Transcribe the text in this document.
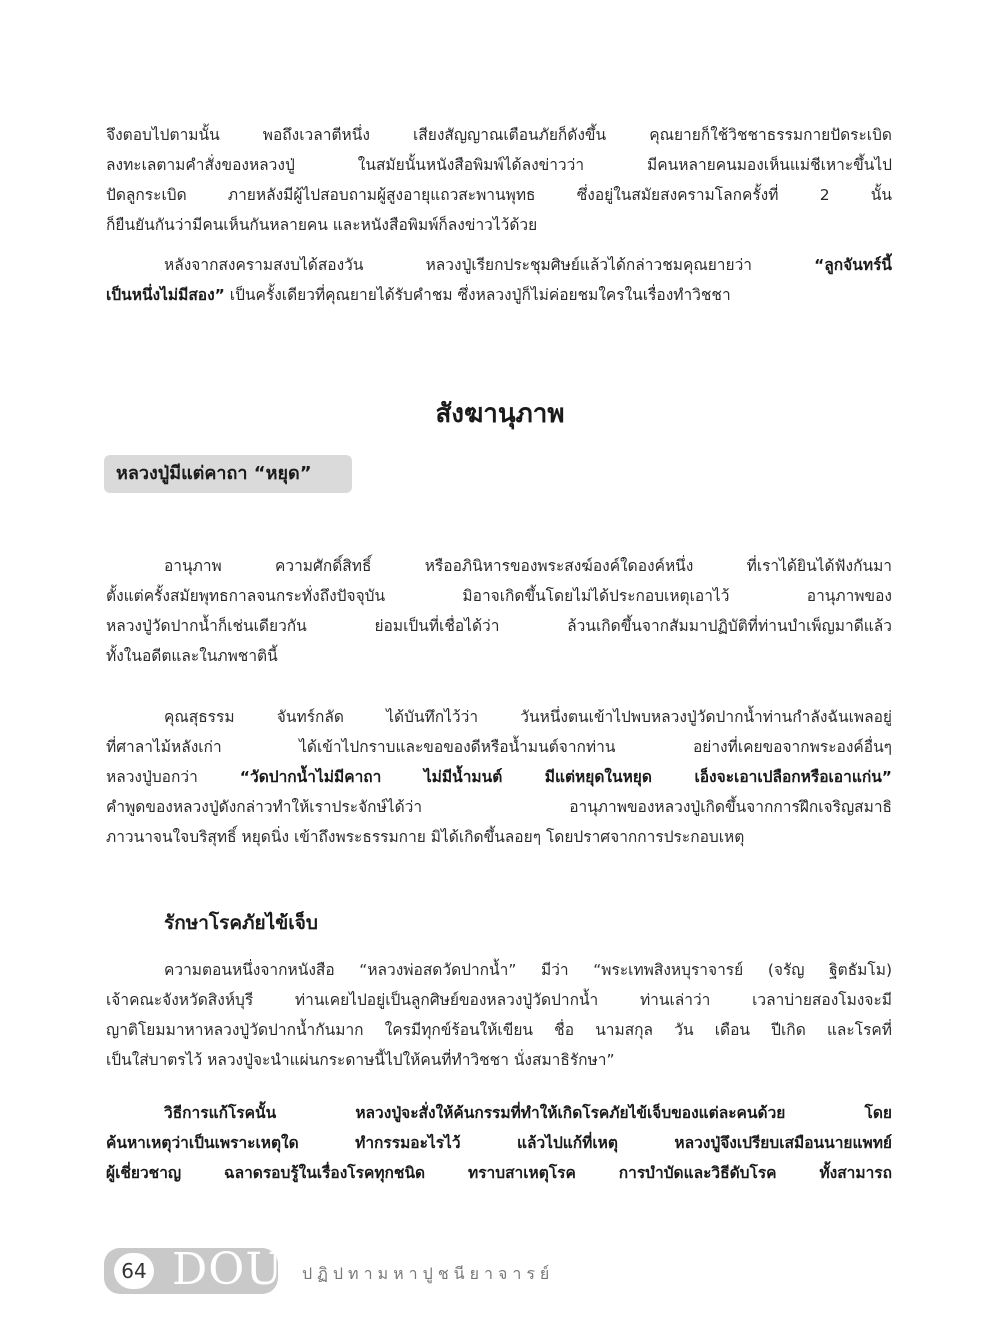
จึงตอบไปตามนั้น พอถึงเวลาตีหนึ่ง เสียงสัญญาณเตือนภัยก็ดังขึ้น คุณยายก็ใช้วิชชาธรรมกายปัดระเบิด

ลงทะเลตามคำสั่งของหลวงปู่ ในสมัยนั้นหนังสือพิมพ์ได้ลงข่าวว่า มีคนหลายคนมองเห็นแม่ชีเหาะขึ้นไป

ปัดลูกระเบิด ภายหลังมีผู้ไปสอบถามผู้สูงอายุแถวสะพานพุทธ ซึ่งอยู่ในสมัยสงครามโลกครั้งที่ 2 นั้น

ก็ยืนยันกันว่ามีคนเห็นกันหลายคน และหนังสือพิมพ์ก็ลงข่าวไว้ด้วย

หลังจากสงครามสงบได้สองวัน หลวงปู่เรียกประชุมศิษย์แล้วได้กล่าวชมคุณยายว่า “ลูกจันทร์นี้

เป็นหนึ่งไม่มีสอง” เป็นครั้งเดียวที่คุณยายได้รับคำชม ซึ่งหลวงปู่ก็ไม่ค่อยชมใครในเรื่องทำวิชชา

สังฆานุภาพ
หลวงปู่มีแต่คาถา “หยุด”

อานุภาพ ความศักดิ์สิทธิ์ หรืออภินิหารของพระสงฆ์องค์ใดองค์หนึ่ง ที่เราได้ยินได้ฟังกันมา

ตั้งแต่ครั้งสมัยพุทธกาลจนกระทั่งถึงปัจจุบัน มิอาจเกิดขึ้นโดยไม่ได้ประกอบเหตุเอาไว้ อานุภาพของ

หลวงปู่วัดปากน้ำก็เช่นเดียวกัน ย่อมเป็นที่เชื่อได้ว่า ล้วนเกิดขึ้นจากสัมมาปฏิบัติที่ท่านบำเพ็ญมาดีแล้ว

ทั้งในอดีตและในภพชาตินี้

คุณสุธรรม จันทร์กลัด ได้บันทึกไว้ว่า วันหนึ่งตนเข้าไปพบหลวงปู่วัดปากน้ำท่านกำลังฉันเพลอยู่

ที่ศาลาไม้หลังเก่า ได้เข้าไปกราบและขอของดีหรือน้ำมนต์จากท่าน อย่างที่เคยขอจากพระองค์อื่นๆ

หลวงปู่บอกว่า “วัดปากน้ำไม่มีคาถา ไม่มีน้ำมนต์ มีแต่หยุดในหยุด เอ็งจะเอาเปลือกหรือเอาแก่น”

คำพูดของหลวงปู่ดังกล่าวทำให้เราประจักษ์ได้ว่า อานุภาพของหลวงปู่เกิดขึ้นจากการฝึกเจริญสมาธิ

ภาวนาจนใจบริสุทธิ์ หยุดนิ่ง เข้าถึงพระธรรมกาย มิได้เกิดขึ้นลอยๆ โดยปราศจากการประกอบเหตุ

รักษาโรคภัยไข้เจ็บ

ความตอนหนึ่งจากหนังสือ “หลวงพ่อสดวัดปากน้ำ” มีว่า “พระเทพสิงหบุราจารย์ (จรัญ ฐิตธัมโม)

เจ้าคณะจังหวัดสิงห์บุรี ท่านเคยไปอยู่เป็นลูกศิษย์ของหลวงปู่วัดปากน้ำ ท่านเล่าว่า เวลาบ่ายสองโมงจะมี

ญาติโยมมาหาหลวงปู่วัดปากน้ำกันมาก ใครมีทุกข์ร้อนให้เขียน ชื่อ นามสกุล วัน เดือน ปีเกิด และโรคที่

เป็นใส่บาตรไว้ หลวงปู่จะนำแผ่นกระดาษนี้ไปให้คนที่ทำวิชชา นั่งสมาธิรักษา”

วิธีการแก้โรคนั้น หลวงปู่จะสั่งให้ค้นกรรมที่ทำให้เกิดโรคภัยไข้เจ็บของแต่ละคนด้วย โดย

ค้นหาเหตุว่าเป็นเพราะเหตุใด ทำกรรมอะไรไว้ แล้วไปแก้ที่เหตุ หลวงปู่จึงเปรียบเสมือนนายแพทย์

ผู้เชี่ยวชาญ ฉลาดรอบรู้ในเรื่องโรคทุกชนิด ทราบสาเหตุโรค การบำบัดและวิธีดับโรค ทั้งสามารถ

64 DOU ปฏิปทามหาปูชนียาจารย์
